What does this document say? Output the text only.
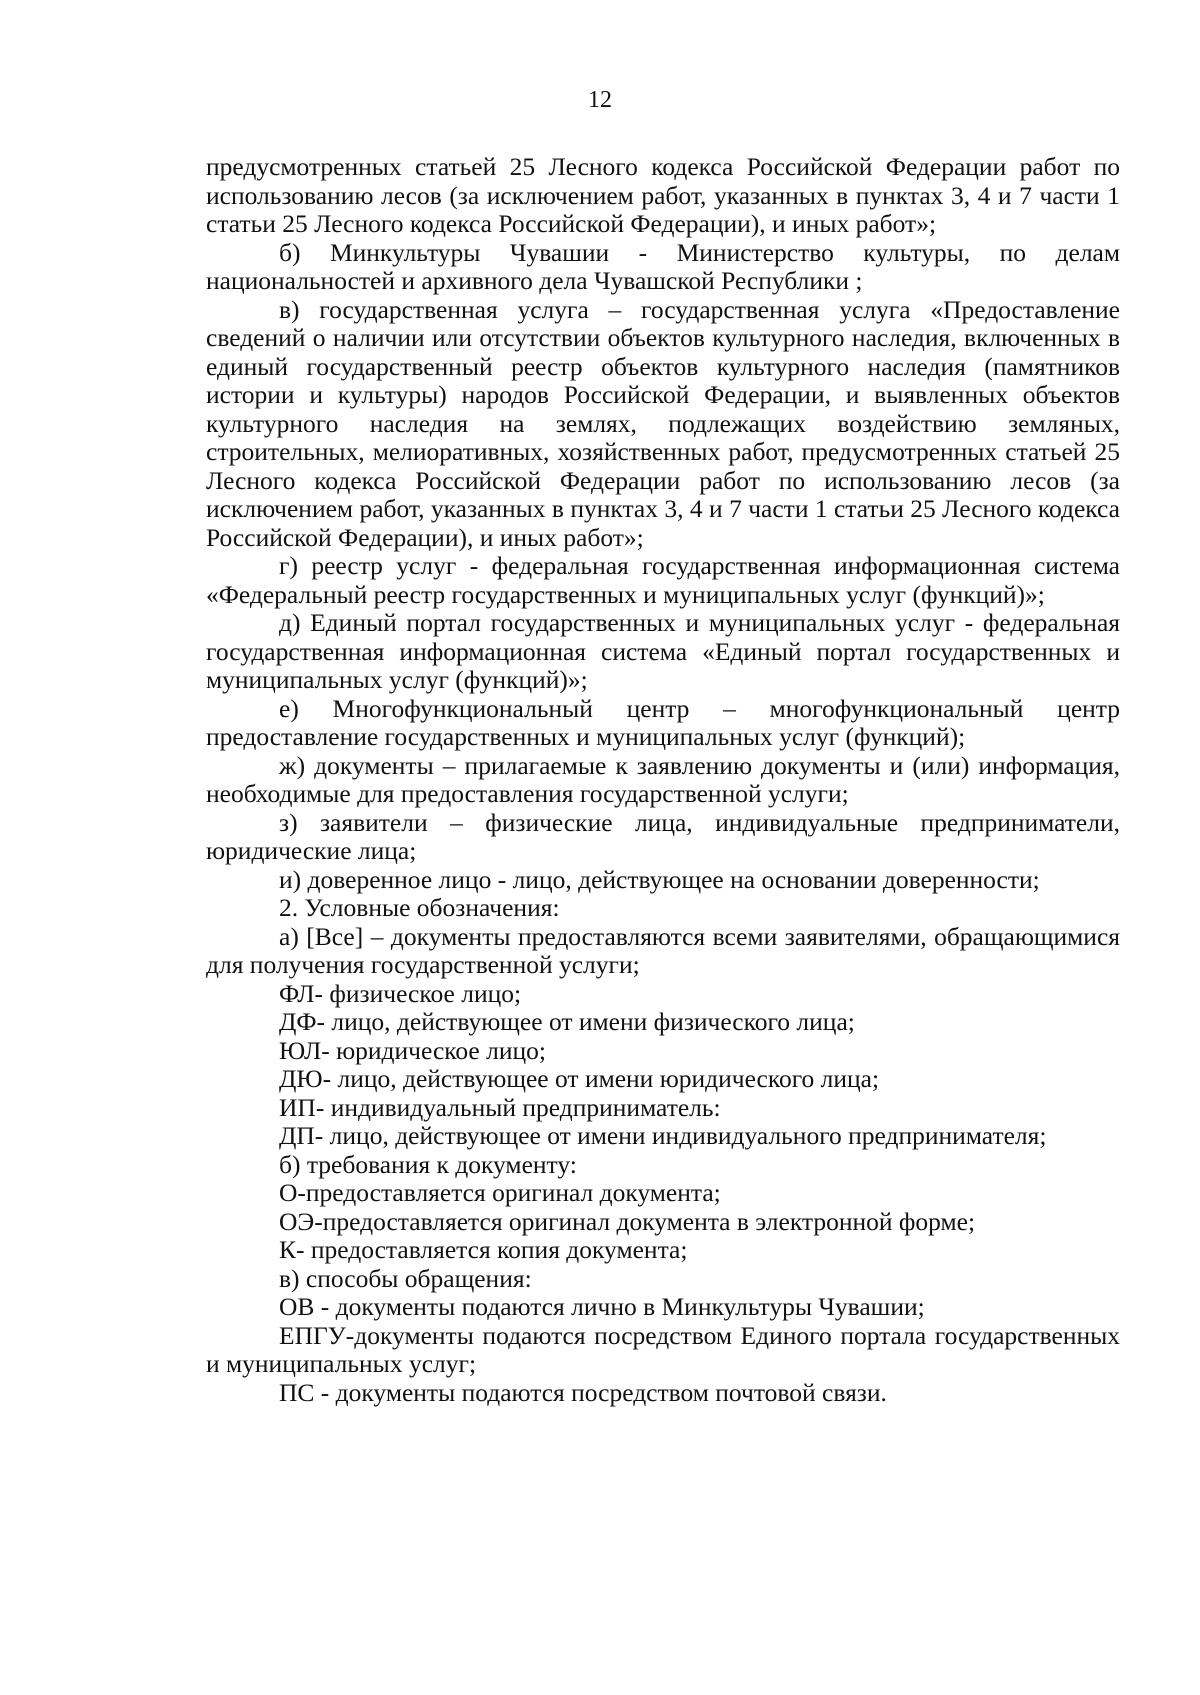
12

предусмотренных статьей 25 Лесного кодекса Российской Федерации работ по использованию лесов (за исключением работ, указанных в пунктах 3, 4 и 7 части 1 статьи 25 Лесного кодекса Российской Федерации), и иных работ»;

б) Минкультуры Чувашии - Министерство культуры, по делам национальностей и архивного дела Чувашской Республики ;

в) государственная услуга – государственная услуга «Предоставление сведений о наличии или отсутствии объектов культурного наследия, включенных в единый государственный реестр объектов культурного наследия (памятников истории и культуры) народов Российской Федерации, и выявленных объектов культурного наследия на землях, подлежащих воздействию земляных, строительных, мелиоративных, хозяйственных работ, предусмотренных статьей 25 Лесного кодекса Российской Федерации работ по использованию лесов (за исключением работ, указанных в пунктах 3, 4 и 7 части 1 статьи 25 Лесного кодекса Российской Федерации), и иных работ»;

г) реестр услуг - федеральная государственная информационная система «Федеральный реестр государственных и муниципальных услуг (функций)»;

д) Единый портал государственных и муниципальных услуг - федеральная государственная информационная система «Единый портал государственных и муниципальных услуг (функций)»;

е) Многофункциональный центр – многофункциональный центр предоставление государственных и муниципальных услуг (функций);

ж) документы – прилагаемые к заявлению документы и (или) информация, необходимые для предоставления государственной услуги;

з) заявители – физические лица, индивидуальные предприниматели, юридические лица;

и) доверенное лицо - лицо, действующее на основании доверенности;

2. Условные обозначения:

а) [Все] – документы предоставляются всеми заявителями, обращающимися для получения государственной услуги;

ФЛ- физическое лицо;

ДФ- лицо, действующее от имени физического лица;

ЮЛ- юридическое лицо;

ДЮ- лицо, действующее от имени юридического лица;

ИП- индивидуальный предприниматель:

ДП- лицо, действующее от имени индивидуального предпринимателя;

б) требования к документу:

О-предоставляется оригинал документа;

ОЭ-предоставляется оригинал документа в электронной форме;

К- предоставляется копия документа;

в) способы обращения:

ОВ - документы подаются лично в Минкультуры Чувашии;

ЕПГУ-документы подаются посредством Единого портала государственных и муниципальных услуг;

ПС - документы подаются посредством почтовой связи.
